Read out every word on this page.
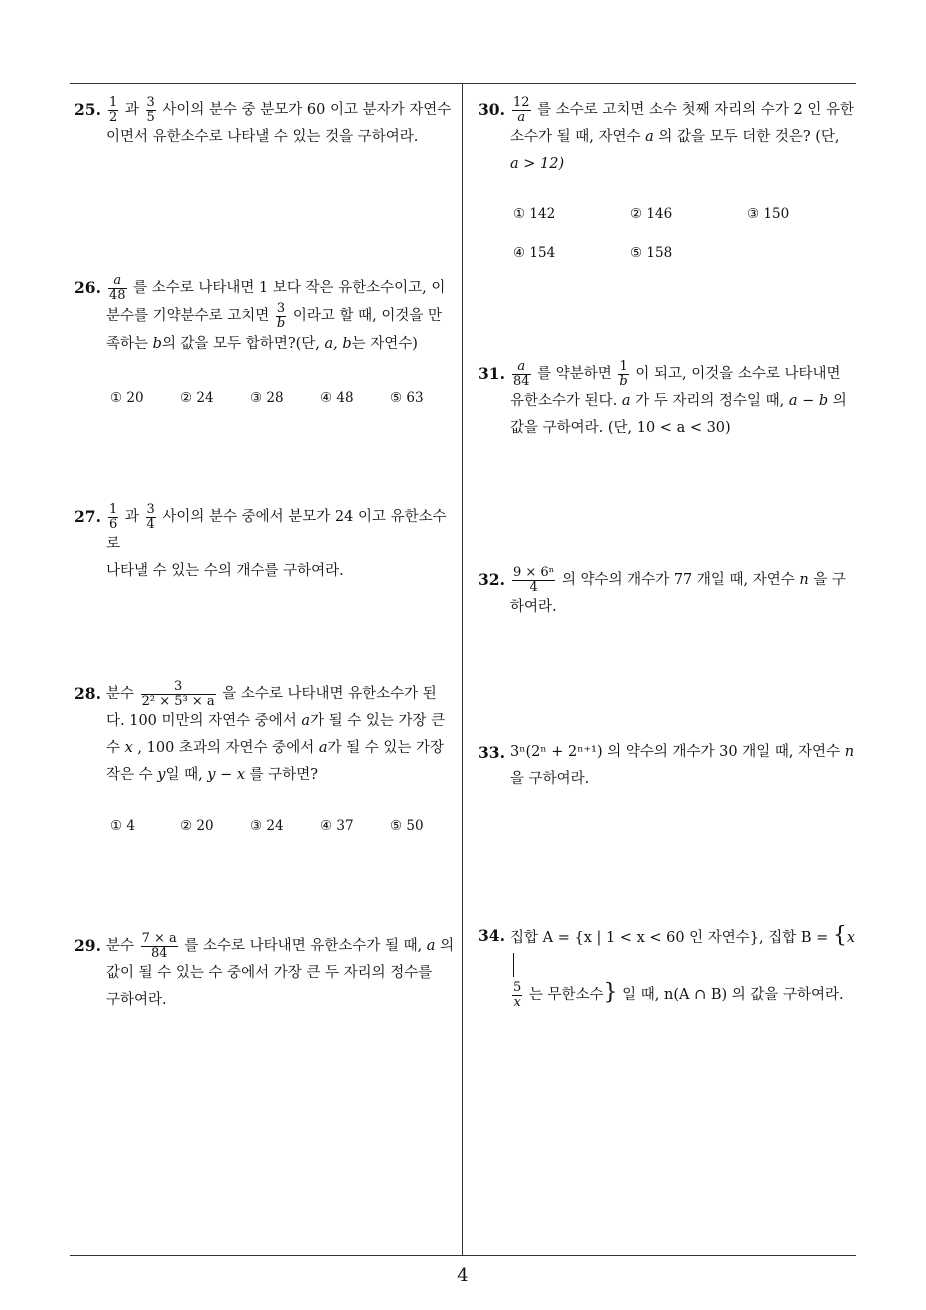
25. $\frac{1}{2}$ 과 $\frac{3}{5}$ 사이의 분수 중 분모가 60 이고 분자가 자연수
이면서 유한소수로 나타낼 수 있는 것을 구하여라.
26. $\frac{a}{48}$ 를 소수로 나타내면 1 보다 작은 유한소수이고, 이
분수를 기약분수로 고치면 $\frac{3}{b}$ 이라고 할 때, 이것을 만
족하는 b의 값을 모두 합하면?(단, a, b는 자연수)
① 20	② 24	③ 28	④ 48	⑤ 63
27. $\frac{1}{6}$ 과 $\frac{3}{4}$ 사이의 분수 중에서 분모가 24 이고 유한소수로
나타낼 수 있는 수의 개수를 구하여라.
28. 분수 $\frac{3}{\text{2² × 5³ × a}}$ 을 소수로 나타내면 유한소수가 된
다. 100 미만의 자연수 중에서 a가 될 수 있는 가장 큰
수 x , 100 초과의 자연수 중에서 a가 될 수 있는 가장
작은 수 y일 때, y − x 를 구하면?
① 4	② 20	③ 24	④ 37	⑤ 50
29. 분수 $\frac{7 \times a}{84}$ 를 소수로 나타내면 유한소수가 될 때, a 의
값이 될 수 있는 수 중에서 가장 큰 두 자리의 정수를
구하여라.
30. $\frac{12}{a}$ 를 소수로 고치면 소수 첫째 자리의 수가 2 인 유한
소수가 될 때, 자연수 a 의 값을 모두 더한 것은? (단,
a > 12)
① 142	② 146	③ 150
④ 154	⑤ 158
31. $\frac{a}{84}$ 를 약분하면 $\frac{1}{b}$ 이 되고, 이것을 소수로 나타내면
유한소수가 된다. a 가 두 자리의 정수일 때, a − b 의
값을 구하여라. (단, 10 < a < 30)
32. $\frac{\text{9 × 6ⁿ}}{4}$ 의 약수의 개수가 77 개일 때, 자연수 n 을 구
하여라.
33. 3ⁿ(2ⁿ + 2ⁿ⁺¹) 의 약수의 개수가 30 개일 때, 자연수 n
을 구하여라.
34. 집합 A = {x | 1 < x < 60 인 자연수}, 집합 B = {x
$\frac{5}{x}$ 는 무한소수} 일 때, n(A ∩ B) 의 값을 구하여라.
4
